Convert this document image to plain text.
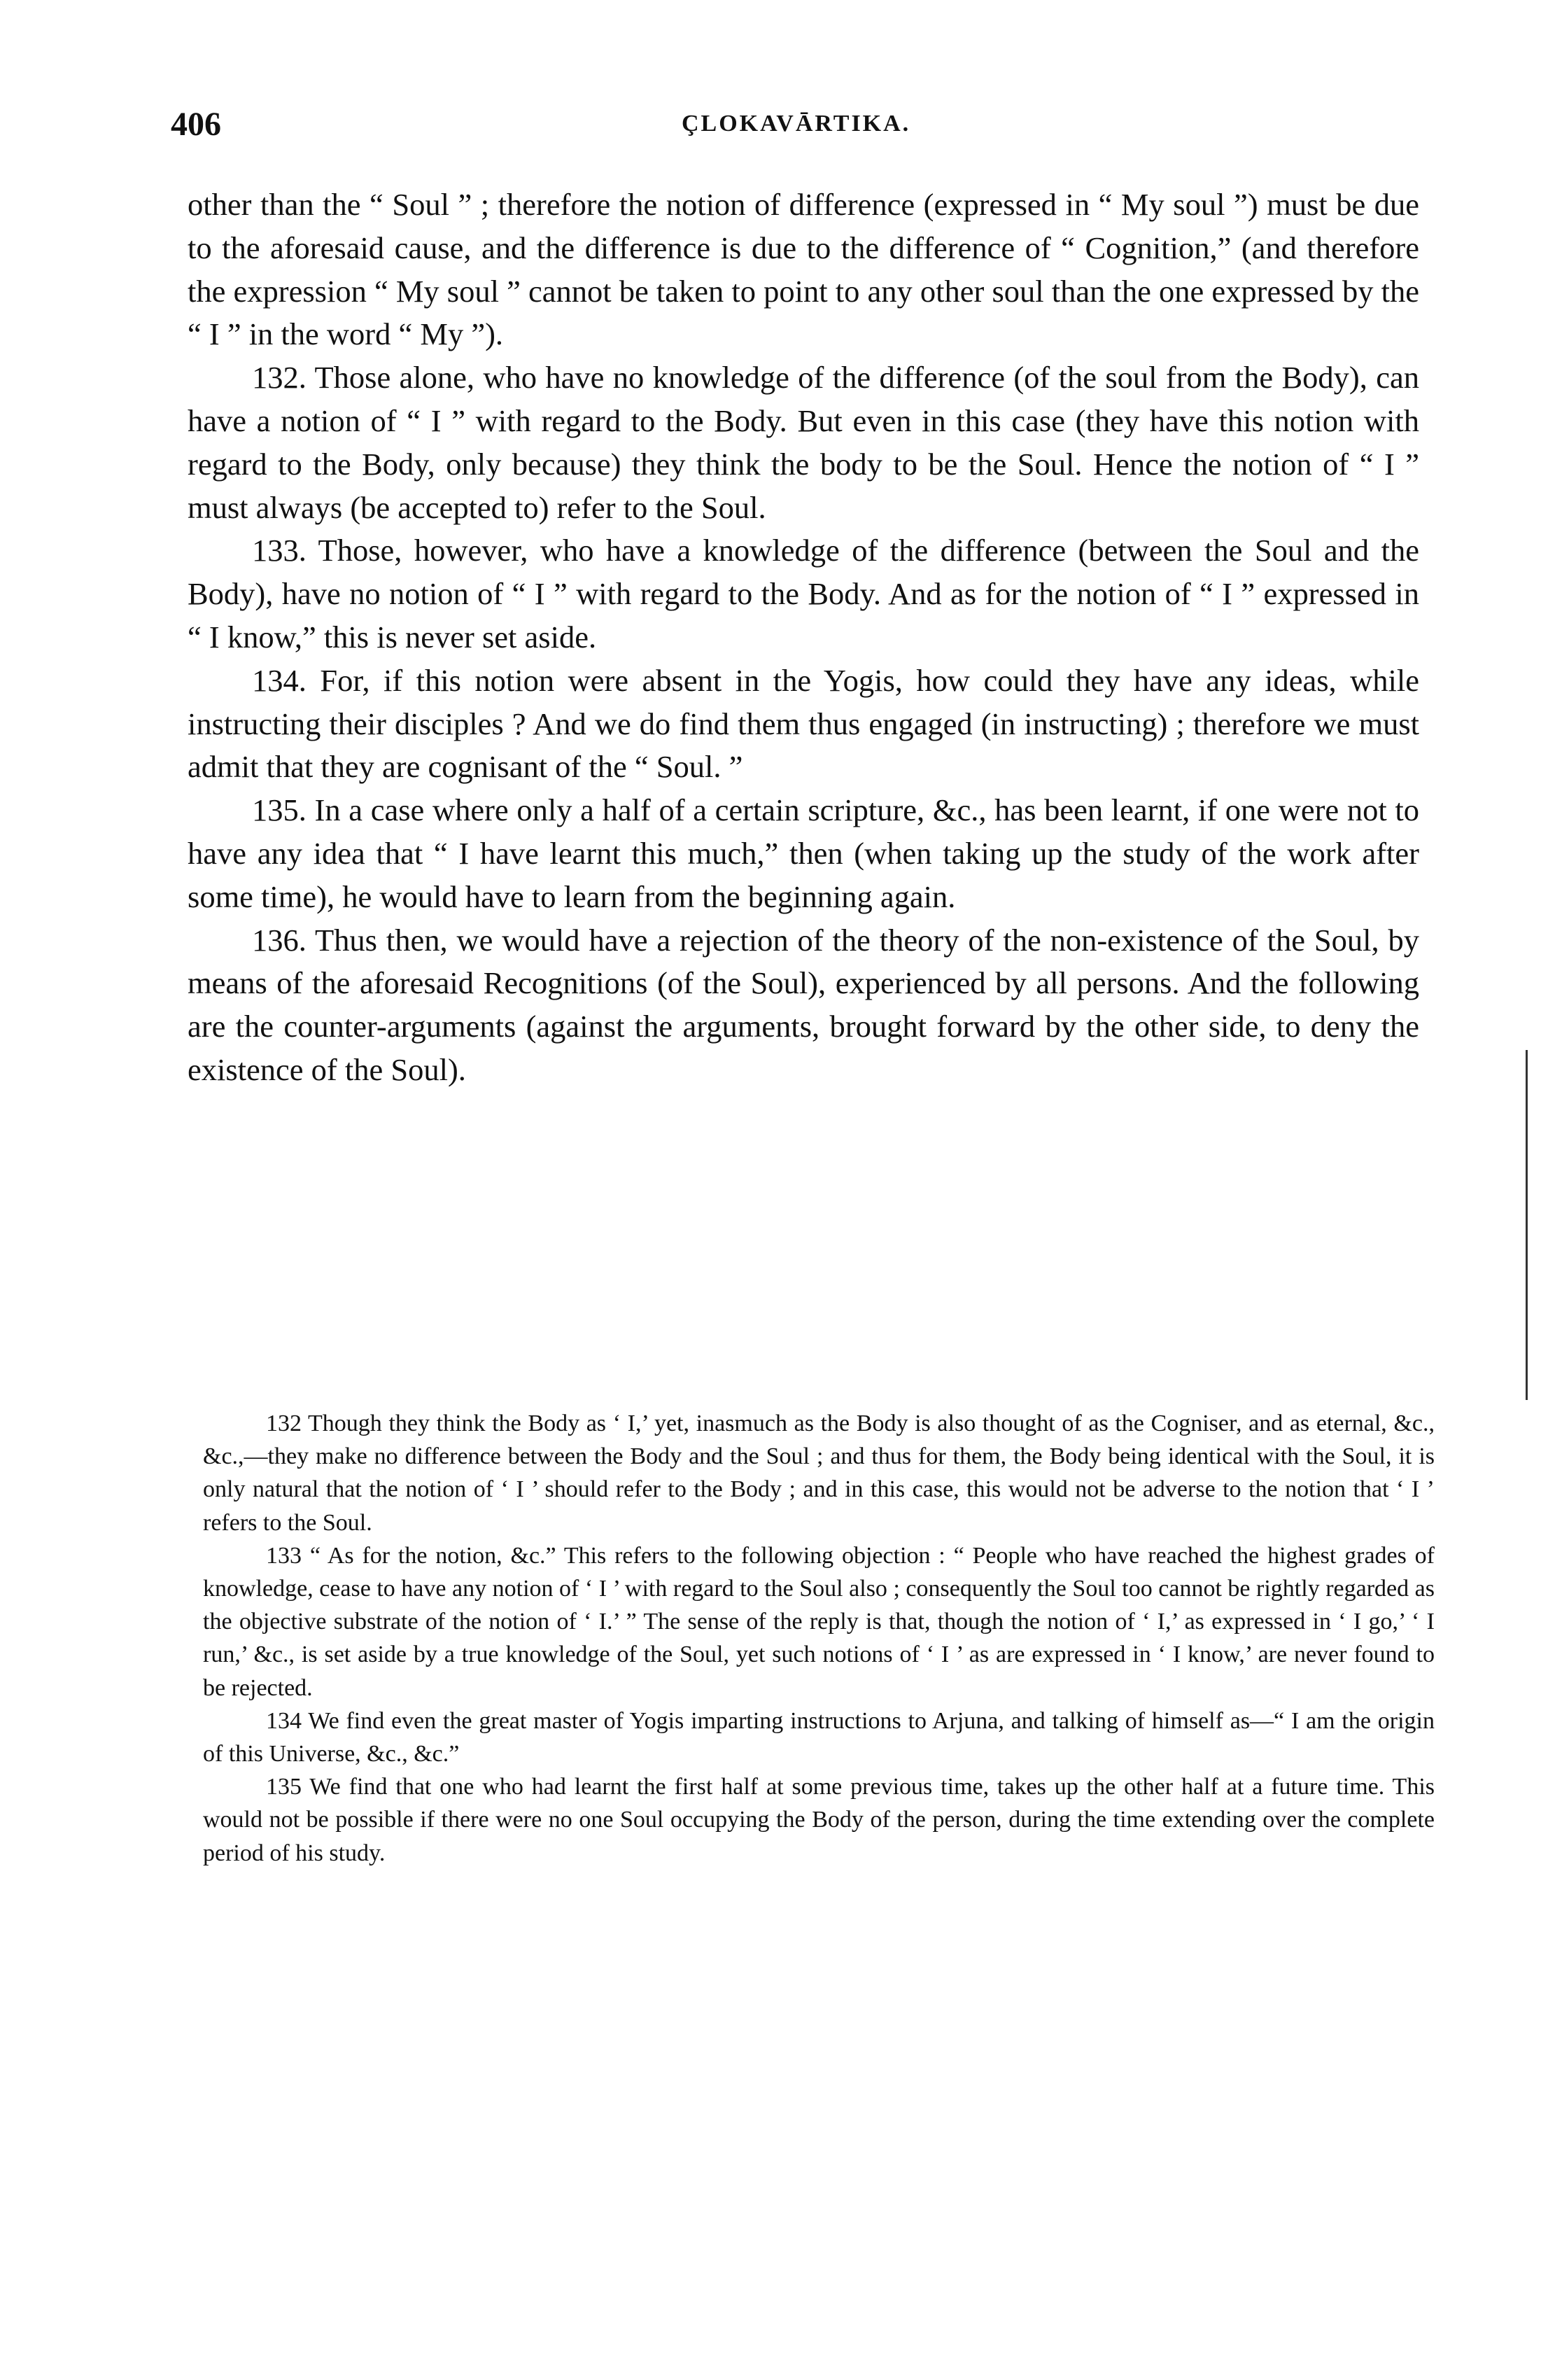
406	ÇLOKAVĀRTIKA.

other than the “ Soul ” ; therefore the notion of difference (expressed in “ My soul ”) must be due to the aforesaid cause, and the difference is due to the difference of “ Cognition,” (and therefore the expression “ My soul ” cannot be taken to point to any other soul than the one expressed by the “ I ” in the word “ My ”).

132. Those alone, who have no knowledge of the difference (of the soul from the Body), can have a notion of “ I ” with regard to the Body. But even in this case (they have this notion with regard to the Body, only because) they think the body to be the Soul. Hence the notion of “ I ” must always (be accepted to) refer to the Soul.

133. Those, however, who have a knowledge of the difference (between the Soul and the Body), have no notion of “ I ” with regard to the Body. And as for the notion of “ I ” expressed in “ I know,” this is never set aside.

134. For, if this notion were absent in the Yogis, how could they have any ideas, while instructing their disciples ? And we do find them thus engaged (in instructing) ; therefore we must admit that they are cognisant of the “ Soul. ”

135. In a case where only a half of a certain scripture, &c., has been learnt, if one were not to have any idea that “ I have learnt this much,” then (when taking up the study of the work after some time), he would have to learn from the beginning again.

136. Thus then, we would have a rejection of the theory of the non-existence of the Soul, by means of the aforesaid Recognitions (of the Soul), experienced by all persons. And the following are the counter-arguments (against the arguments, brought forward by the other side, to deny the existence of the Soul).

132 Though they think the Body as ‘ I,’ yet, inasmuch as the Body is also thought of as the Cogniser, and as eternal, &c., &c.,—they make no difference between the Body and the Soul ; and thus for them, the Body being identical with the Soul, it is only natural that the notion of ‘ I ’ should refer to the Body ; and in this case, this would not be adverse to the notion that ‘ I ’ refers to the Soul.

133 “ As for the notion, &c.” This refers to the following objection : “ People who have reached the highest grades of knowledge, cease to have any notion of ‘ I ’ with regard to the Soul also ; consequently the Soul too cannot be rightly regarded as the objective substrate of the notion of ‘ I.’ ” The sense of the reply is that, though the notion of ‘ I,’ as expressed in ‘ I go,’ ‘ I run,’ &c., is set aside by a true knowledge of the Soul, yet such notions of ‘ I ’ as are expressed in ‘ I know,’ are never found to be rejected.

134 We find even the great master of Yogis imparting instructions to Arjuna, and talking of himself as—“ I am the origin of this Universe, &c., &c.”

135 We find that one who had learnt the first half at some previous time, takes up the other half at a future time. This would not be possible if there were no one Soul occupying the Body of the person, during the time extending over the complete period of his study.
